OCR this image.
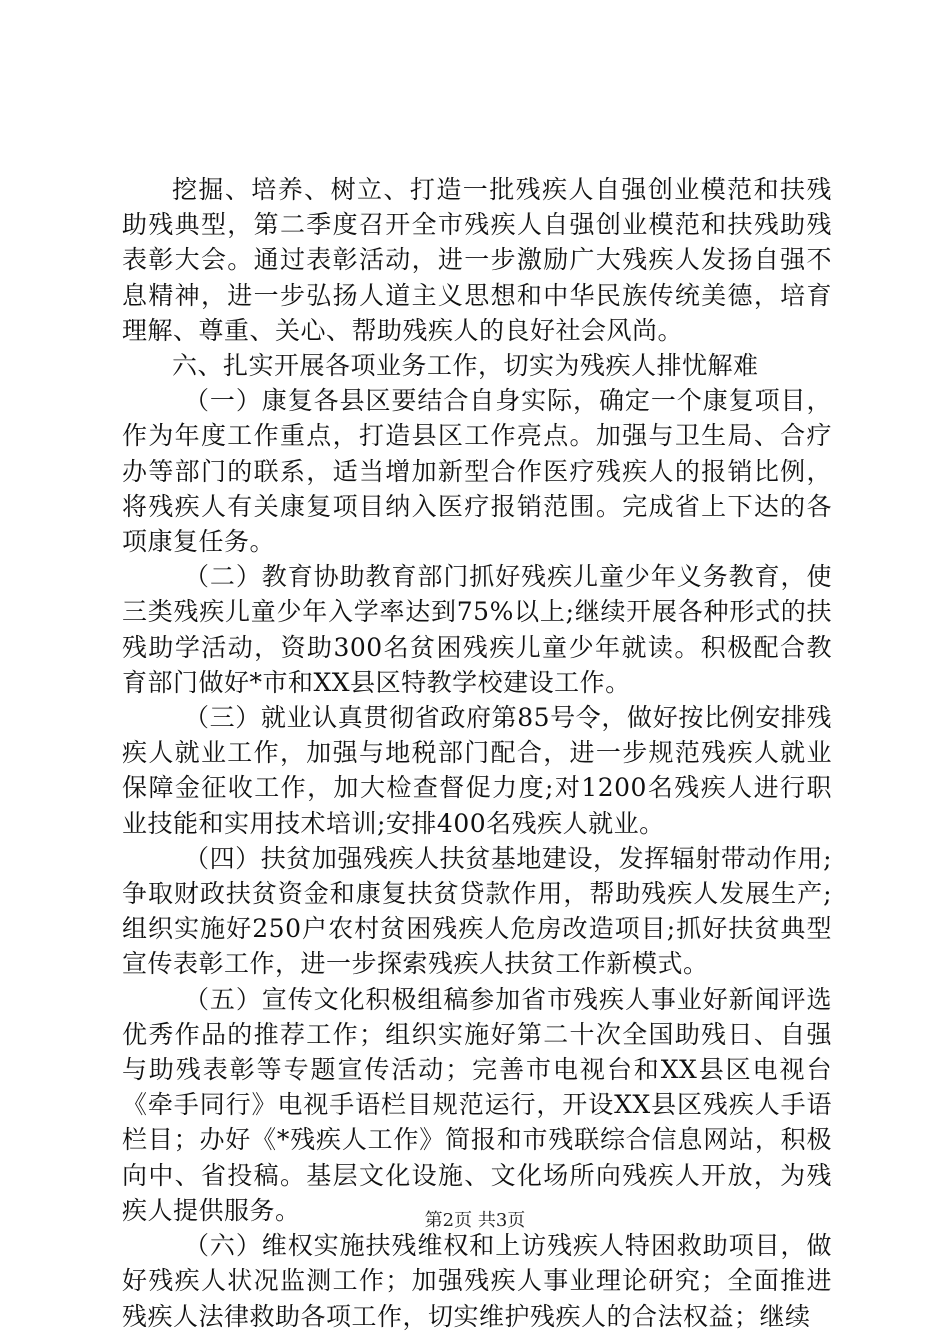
挖掘、培养、树立、打造一批残疾人自强创业模范和扶残助残典型，第二季度召开全市残疾人自强创业模范和扶残助残表彰大会。通过表彰活动，进一步激励广大残疾人发扬自强不息精神，进一步弘扬人道主义思想和中华民族传统美德，培育理解、尊重、关心、帮助残疾人的良好社会风尚。

六、扎实开展各项业务工作，切实为残疾人排忧解难

（一）康复各县区要结合自身实际，确定一个康复项目，作为年度工作重点，打造县区工作亮点。加强与卫生局、合疗办等部门的联系，适当增加新型合作医疗残疾人的报销比例，将残疾人有关康复项目纳入医疗报销范围。完成省上下达的各项康复任务。

（二）教育协助教育部门抓好残疾儿童少年义务教育，使三类残疾儿童少年入学率达到75%以上;继续开展各种形式的扶残助学活动，资助300名贫困残疾儿童少年就读。积极配合教育部门做好*市和XX县区特教学校建设工作。

（三）就业认真贯彻省政府第85号令，做好按比例安排残疾人就业工作，加强与地税部门配合，进一步规范残疾人就业保障金征收工作，加大检查督促力度;对1200名残疾人进行职业技能和实用技术培训;安排400名残疾人就业。

（四）扶贫加强残疾人扶贫基地建设，发挥辐射带动作用;争取财政扶贫资金和康复扶贫贷款作用，帮助残疾人发展生产;组织实施好250户农村贫困残疾人危房改造项目;抓好扶贫典型宣传表彰工作，进一步探索残疾人扶贫工作新模式。

（五）宣传文化积极组稿参加省市残疾人事业好新闻评选优秀作品的推荐工作；组织实施好第二十次全国助残日、自强与助残表彰等专题宣传活动；完善市电视台和XX县区电视台《牵手同行》电视手语栏目规范运行，开设XX县区残疾人手语栏目；办好《*残疾人工作》简报和市残联综合信息网站，积极向中、省投稿。基层文化设施、文化场所向残疾人开放，为残疾人提供服务。

（六）维权实施扶残维权和上访残疾人特困救助项目，做好残疾人状况监测工作；加强残疾人事业理论研究；全面推进残疾人法律救助各项工作，切实维护残疾人的合法权益；继续

第2页 共3页
